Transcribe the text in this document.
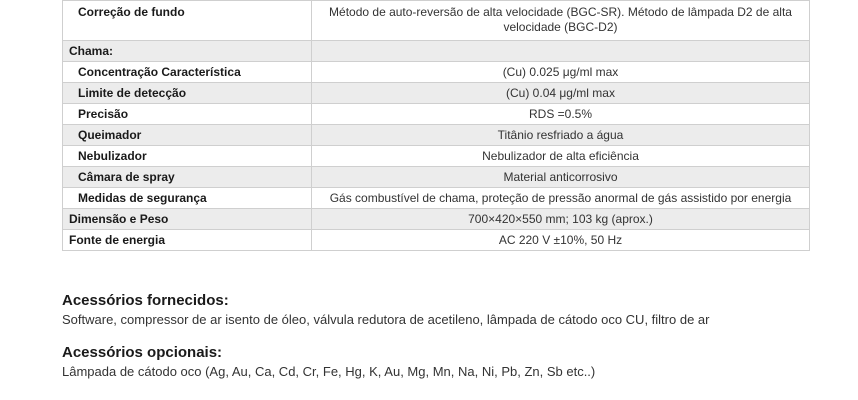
Correção de fundo	Método de auto-reversão de alta velocidade (BGC-SR). Método de lâmpada D2 de alta velocidade (BGC-D2)
Chama:	
Concentração Característica	(Cu) 0.025 μg/ml max
Limite de detecção	(Cu) 0.04 μg/ml max
Precisão	RDS =0.5%
Queimador	Titânio resfriado a água
Nebulizador	Nebulizador de alta eficiência
Câmara de spray	Material anticorrosivo
Medidas de segurança	Gás combustível de chama, proteção de pressão anormal de gás assistido por energia
Dimensão e Peso	700×420×550 mm; 103 kg (aprox.)
Fonte de energia	AC 220 V ±10%, 50 Hz
Acessórios fornecidos:

Software, compressor de ar isento de óleo, válvula redutora de acetileno, lâmpada de cátodo oco CU, filtro de ar

Acessórios opcionais:

Lâmpada de cátodo oco (Ag, Au, Ca, Cd, Cr, Fe, Hg, K, Au, Mg, Mn, Na, Ni, Pb, Zn, Sb etc..)
